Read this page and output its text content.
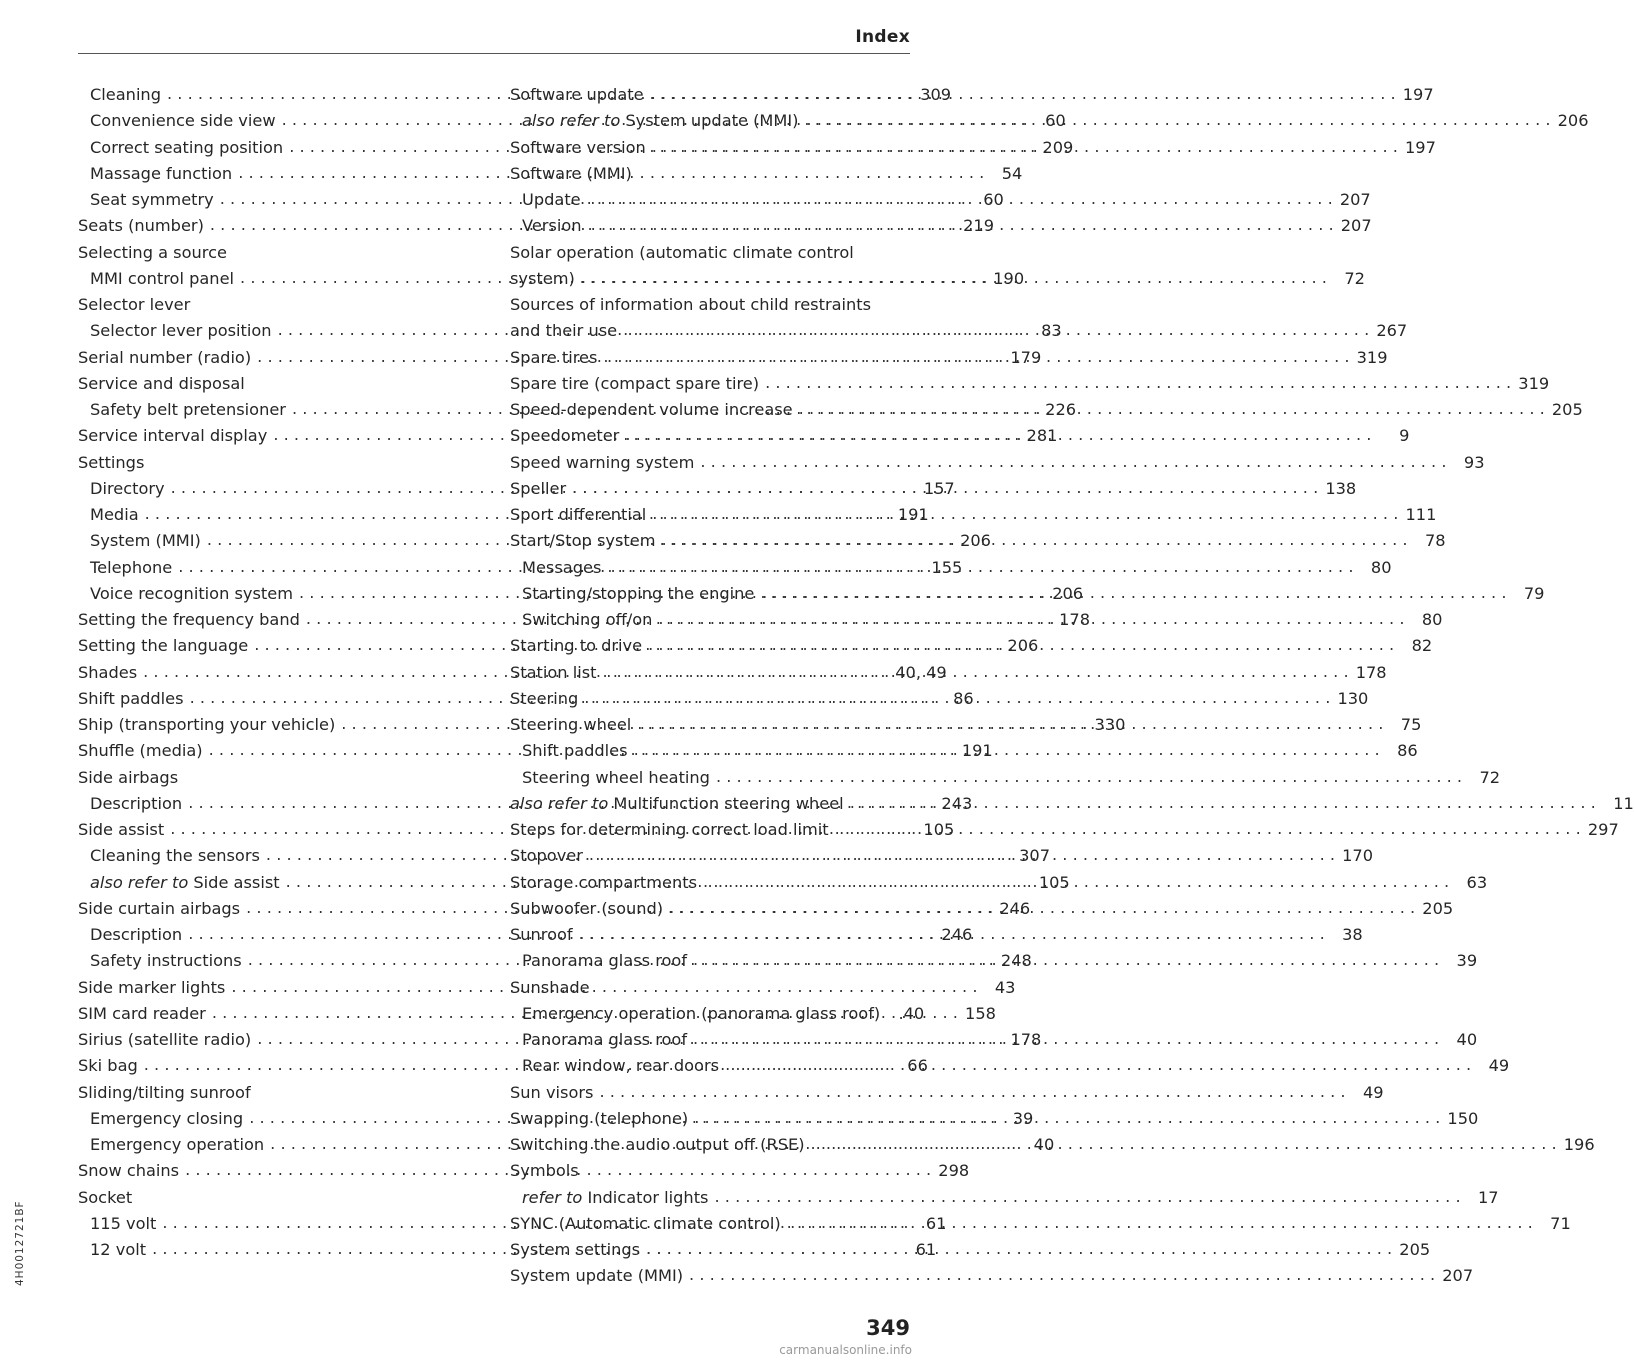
Index
Cleaning . . .	309
Convenience side view . . .	60
Correct seating position . . .	209
Massage function . . .	54
Seat symmetry . . .	60
Seats (number) . . .	219
Selecting a source
MMI control panel . . .	190
Selector lever
Selector lever position . . .	83
Serial number (radio) . . .	179
Service and disposal
Safety belt pretensioner . . .	226
Service interval display . . .	281
Settings
Directory . . .	157
Media . . .	191
System (MMI) . . .	206
Telephone . . .	155
Voice recognition system . . .	206
Setting the frequency band . . .	178
Setting the language . . .	206
Shades . . .	40, 49
Shift paddles . . .	86
Ship (transporting your vehicle) . . .	330
Shuffle (media) . . .	191
Side airbags
Description . . .	243
Side assist . . .	105
Cleaning the sensors . . .	307
also refer to Side assist . . .	105
Side curtain airbags . . .	246
Description . . .	246
Safety instructions . . .	248
Side marker lights . . .	43
SIM card reader . . .	158
Sirius (satellite radio) . . .	178
Ski bag . . .	66
Sliding/tilting sunroof
Emergency closing . . .	39
Emergency operation . . .	40
Snow chains . . .	298
Socket
115 volt . . .	61
12 volt . . .	61
Software update . . .	197
also refer to System update (MMI) . . .	206
Software version . . .	197
Software (MMI)
Update . . .	207
Version . . .	207
Solar operation (automatic climate control
system) . . .	72
Sources of information about child restraints
and their use . . .	267
Spare tires . . .	319
Spare tire (compact spare tire) . . .	319
Speed-dependent volume increase . . .	205
Speedometer . . .	9
Speed warning system . . .	93
Speller . . .	138
Sport differential . . .	111
Start/Stop system . . .	78
Messages . . .	80
Starting/stopping the engine . . .	79
Switching off/on . . .	80
Starting to drive . . .	82
Station list . . .	178
Steering . . .	130
Steering wheel . . .	75
Shift paddles . . .	86
Steering wheel heating . . .	72
also refer to Multifunction steering wheel . . .	11
Steps for determining correct load limit . . .	297
Stopover . . .	170
Storage compartments . . .	63
Subwoofer (sound) . . .	205
Sunroof . . .	38
Panorama glass roof . . .	39
Sunshade
Emergency operation (panorama glass roof)	.40
Panorama glass roof . . .	40
Rear window, rear doors . . .	49
Sun visors . . .	49
Swapping (telephone) . . .	150
Switching the audio output off (RSE) . . .	196
Symbols
refer to Indicator lights . . .	17
SYNC (Automatic climate control) . . .	71
System settings . . .	205
System update (MMI) . . .	207
4H0012721BF
349
carmanualsonline.info
